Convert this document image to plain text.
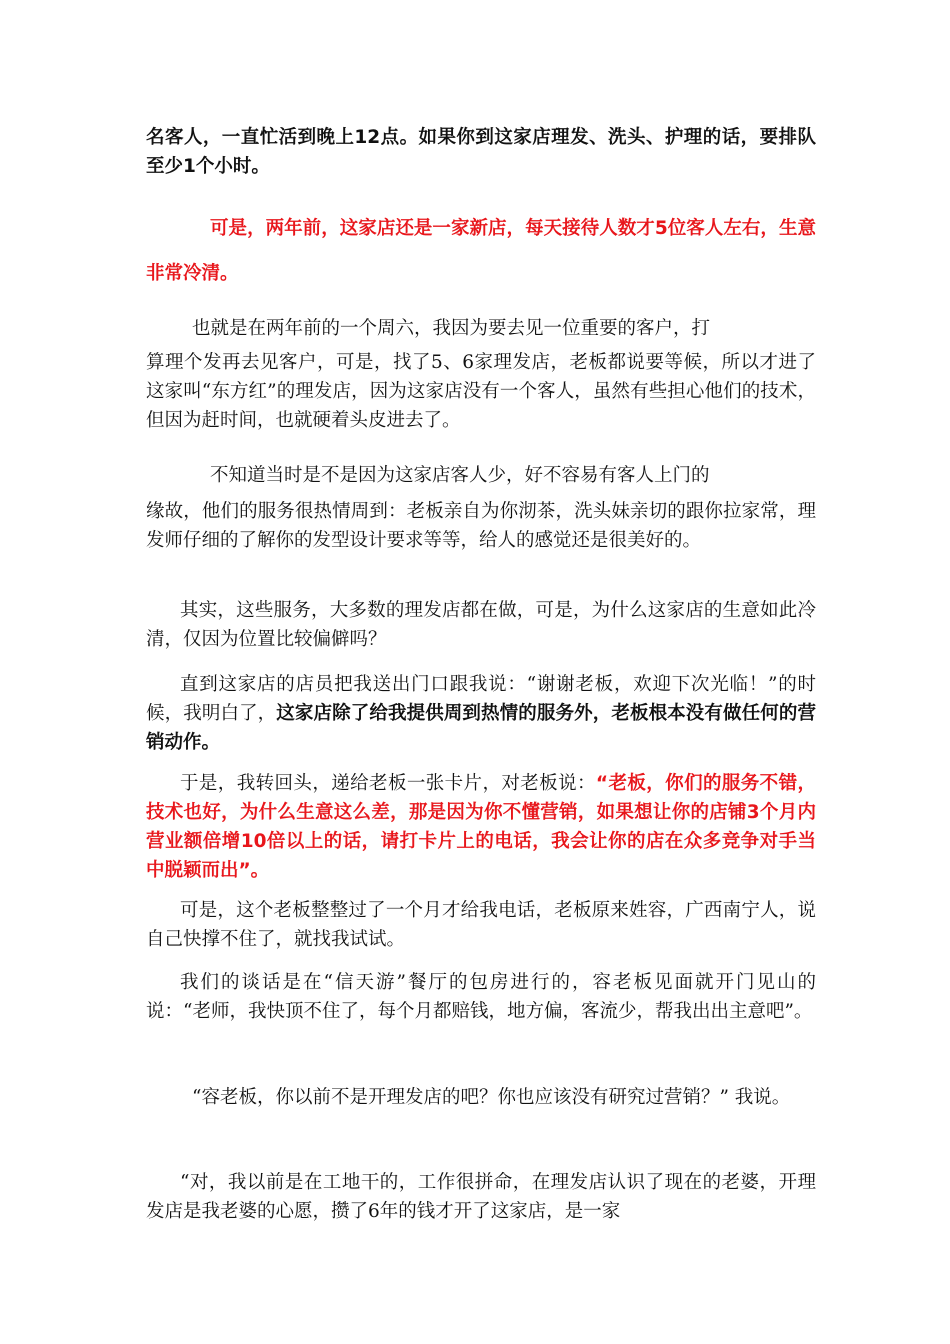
名客人，一直忙活到晚上12点。如果你到这家店理发、洗头、护理的话，要排队至少1个小时。

可是，两年前，这家店还是一家新店，每天接待人数才5位客人左右，生意非常冷清。

也就是在两年前的一个周六，我因为要去见一位重要的客户，打
算理个发再去见客户，可是，找了5、6家理发店，老板都说要等候，所以才进了这家叫“东方红”的理发店，因为这家店没有一个客人，虽然有些担心他们的技术，但因为赶时间，也就硬着头皮进去了。
不知道当时是不是因为这家店客人少，好不容易有客人上门的
缘故，他们的服务很热情周到：老板亲自为你沏茶，洗头妹亲切的跟你拉家常，理发师仔细的了解你的发型设计要求等等，给人的感觉还是很美好的。

其实，这些服务，大多数的理发店都在做，可是，为什么这家店的生意如此冷清，仅因为位置比较偏僻吗？

直到这家店的店员把我送出门口跟我说：“谢谢老板，欢迎下次光临！”的时候，我明白了，这家店除了给我提供周到热情的服务外，老板根本没有做任何的营销动作。

于是，我转回头，递给老板一张卡片，对老板说：“老板，你们的服务不错，技术也好，为什么生意这么差，那是因为你不懂营销，如果想让你的店铺3个月内营业额倍增10倍以上的话，请打卡片上的电话，我会让你的店在众多竞争对手当中脱颖而出”。

可是，这个老板整整过了一个月才给我电话，老板原来姓容，广西南宁人，说自己快撑不住了，就找我试试。

我们的谈话是在“信天游”餐厅的包房进行的，容老板见面就开门见山的说：“老师，我快顶不住了，每个月都赔钱，地方偏，客流少，帮我出出主意吧”。

“容老板，你以前不是开理发店的吧？你也应该没有研究过营销？” 我说。

“对，我以前是在工地干的，工作很拼命，在理发店认识了现在的老婆，开理发店是我老婆的心愿，攒了6年的钱才开了这家店，是一家
